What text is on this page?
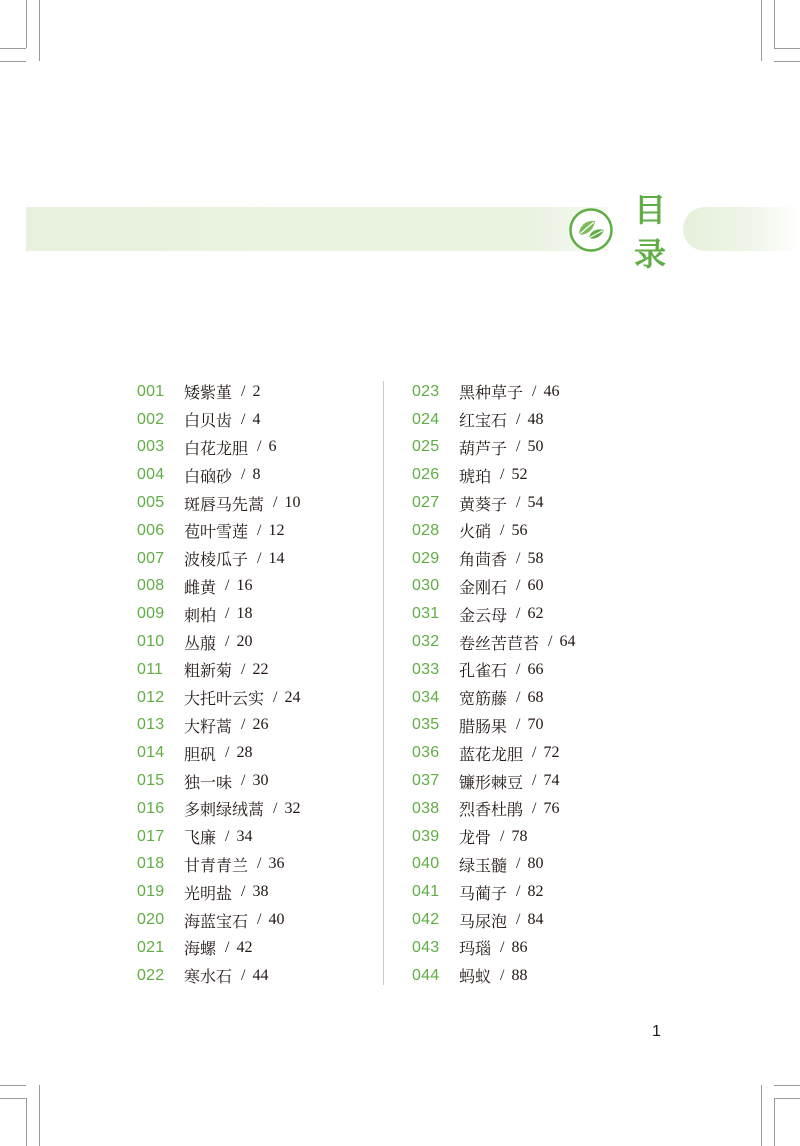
目
录
001	矮紫堇 / 2
002	白贝齿 / 4
003	白花龙胆 / 6
004	白硇砂 / 8
005	斑唇马先蒿 / 10
006	苞叶雪莲 / 12
007	波棱瓜子 / 14
008	雌黄 / 16
009	刺柏 / 18
010	丛菔 / 20
011	粗新菊 / 22
012	大托叶云实 / 24
013	大籽蒿 / 26
014	胆矾 / 28
015	独一味 / 30
016	多刺绿绒蒿 / 32
017	飞廉 / 34
018	甘青青兰 / 36
019	光明盐 / 38
020	海蓝宝石 / 40
021	海螺 / 42
022	寒水石 / 44
023	黑种草子 / 46
024	红宝石 / 48
025	葫芦子 / 50
026	琥珀 / 52
027	黄葵子 / 54
028	火硝 / 56
029	角茴香 / 58
030	金刚石 / 60
031	金云母 / 62
032	卷丝苦苣苔 / 64
033	孔雀石 / 66
034	宽筋藤 / 68
035	腊肠果 / 70
036	蓝花龙胆 / 72
037	镰形棘豆 / 74
038	烈香杜鹃 / 76
039	龙骨 / 78
040	绿玉髓 / 80
041	马蔺子 / 82
042	马尿泡 / 84
043	玛瑙 / 86
044	蚂蚁 / 88
1
